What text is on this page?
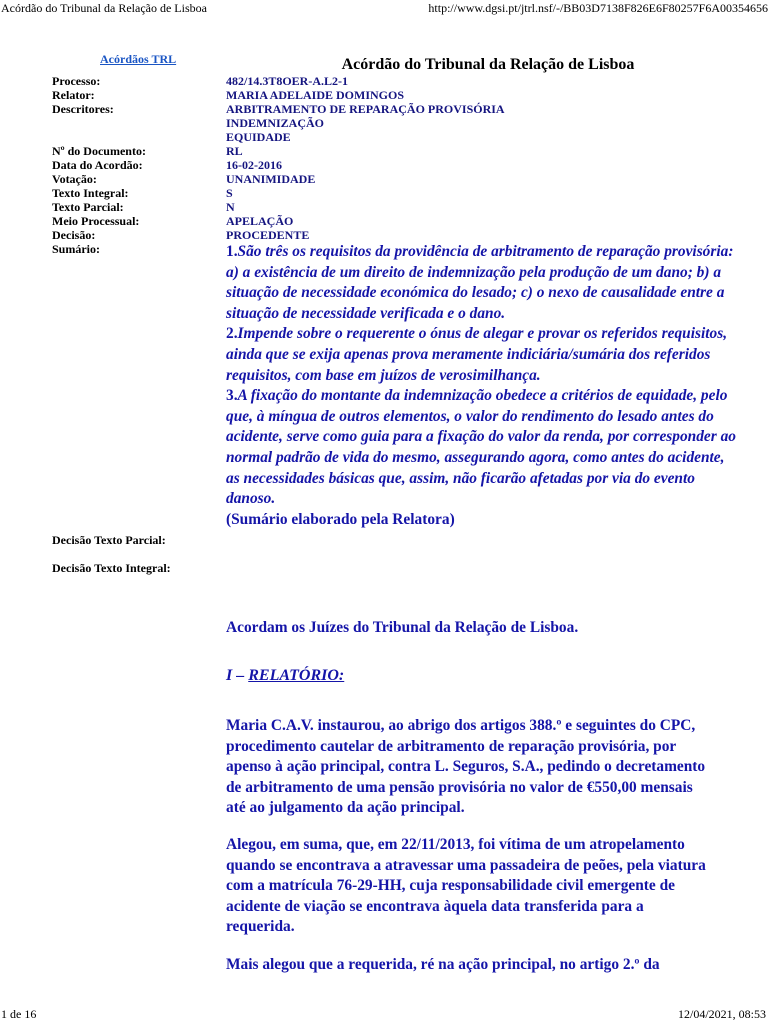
Acórdão do Tribunal da Relação de Lisboa	http://www.dgsi.pt/jtrl.nsf/-/BB03D7138F826E6F80257F6A00354656
Acórdãos TRL	Acórdão do Tribunal da Relação de Lisboa
Processo:	482/14.3T8OER-A.L2-1
Relator:	MARIA ADELAIDE DOMINGOS
Descritores:	ARBITRAMENTO DE REPARAÇÃO PROVISÓRIA
INDEMNIZAÇÃO
EQUIDADE
Nº do Documento:	RL
Data do Acordão:	16-02-2016
Votação:	UNANIMIDADE
Texto Integral:	S
Texto Parcial:	N
Meio Processual:	APELAÇÃO
Decisão:	PROCEDENTE
Sumário:	1.São três os requisitos da providência de arbitramento de reparação provisória: a) a existência de um direito de indemnização pela produção de um dano; b) a situação de necessidade económica do lesado; c) o nexo de causalidade entre a situação de necessidade verificada e o dano.
2.Impende sobre o requerente o ónus de alegar e provar os referidos requisitos, ainda que se exija apenas prova meramente indiciária/sumária dos referidos requisitos, com base em juízos de verosimilhança.
3.A fixação do montante da indemnização obedece a critérios de equidade, pelo que, à míngua de outros elementos, o valor do rendimento do lesado antes do acidente, serve como guia para a fixação do valor da renda, por corresponder ao normal padrão de vida do mesmo, assegurando agora, como antes do acidente, as necessidades básicas que, assim, não ficarão afetadas por via do evento danoso.
(Sumário elaborado pela Relatora)
Decisão Texto Parcial:
Decisão Texto Integral:
Acordam os Juízes do Tribunal da Relação de Lisboa.
I – RELATÓRIO:
Maria C.A.V. instaurou, ao abrigo dos artigos 388.º e seguintes do CPC, procedimento cautelar de arbitramento de reparação provisória, por apenso à ação principal, contra L. Seguros, S.A., pedindo o decretamento de arbitramento de uma pensão provisória no valor de €550,00 mensais até ao julgamento da ação principal.
Alegou, em suma, que, em 22/11/2013, foi vítima de um atropelamento quando se encontrava a atravessar uma passadeira de peões, pela viatura com a matrícula 76-29-HH, cuja responsabilidade civil emergente de acidente de viação se encontrava àquela data transferida para a requerida.
Mais alegou que a requerida, ré na ação principal, no artigo 2.º da
1 de 16	12/04/2021, 08:53
